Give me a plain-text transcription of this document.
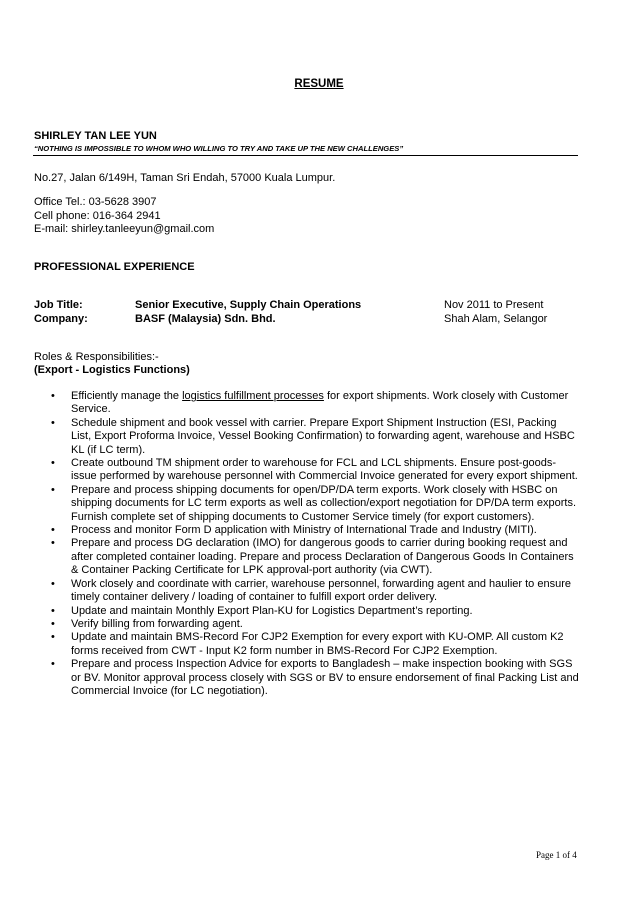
RESUME
SHIRLEY TAN LEE YUN
“NOTHING IS IMPOSSIBLE TO WHOM WHO WILLING TO TRY AND TAKE UP THE NEW CHALLENGES”
No.27, Jalan 6/149H, Taman Sri Endah, 57000 Kuala Lumpur.
Office Tel.: 03-5628 3907
Cell phone: 016-364 2941
E-mail: shirley.tanleeyun@gmail.com
PROFESSIONAL EXPERIENCE
Job Title:	Senior Executive, Supply Chain Operations	Nov 2011 to Present
Company:	BASF (Malaysia) Sdn. Bhd.	Shah Alam, Selangor
Roles & Responsibilities:-
(Export - Logistics Functions)
• Efficiently manage the logistics fulfillment processes for export shipments. Work closely with Customer Service.
• Schedule shipment and book vessel with carrier. Prepare Export Shipment Instruction (ESI, Packing List, Export Proforma Invoice, Vessel Booking Confirmation) to forwarding agent, warehouse and HSBC KL (if LC term).
• Create outbound TM shipment order to warehouse for FCL and LCL shipments. Ensure post-goods-issue performed by warehouse personnel with Commercial Invoice generated for every export shipment.
• Prepare and process shipping documents for open/DP/DA term exports. Work closely with HSBC on shipping documents for LC term exports as well as collection/export negotiation for DP/DA term exports. Furnish complete set of shipping documents to Customer Service timely (for export customers).
• Process and monitor Form D application with Ministry of International Trade and Industry (MITI).
• Prepare and process DG declaration (IMO) for dangerous goods to carrier during booking request and after completed container loading. Prepare and process Declaration of Dangerous Goods In Containers & Container Packing Certificate for LPK approval-port authority (via CWT).
• Work closely and coordinate with carrier, warehouse personnel, forwarding agent and haulier to ensure timely container delivery / loading of container to fulfill export order delivery.
• Update and maintain Monthly Export Plan-KU for Logistics Department’s reporting.
• Verify billing from forwarding agent.
• Update and maintain BMS-Record For CJP2 Exemption for every export with KU-OMP. All custom K2 forms received from CWT - Input K2 form number in BMS-Record For CJP2 Exemption.
• Prepare and process Inspection Advice for exports to Bangladesh – make inspection booking with SGS or BV. Monitor approval process closely with SGS or BV to ensure endorsement of final Packing List and Commercial Invoice (for LC negotiation).
Page 1 of 4
